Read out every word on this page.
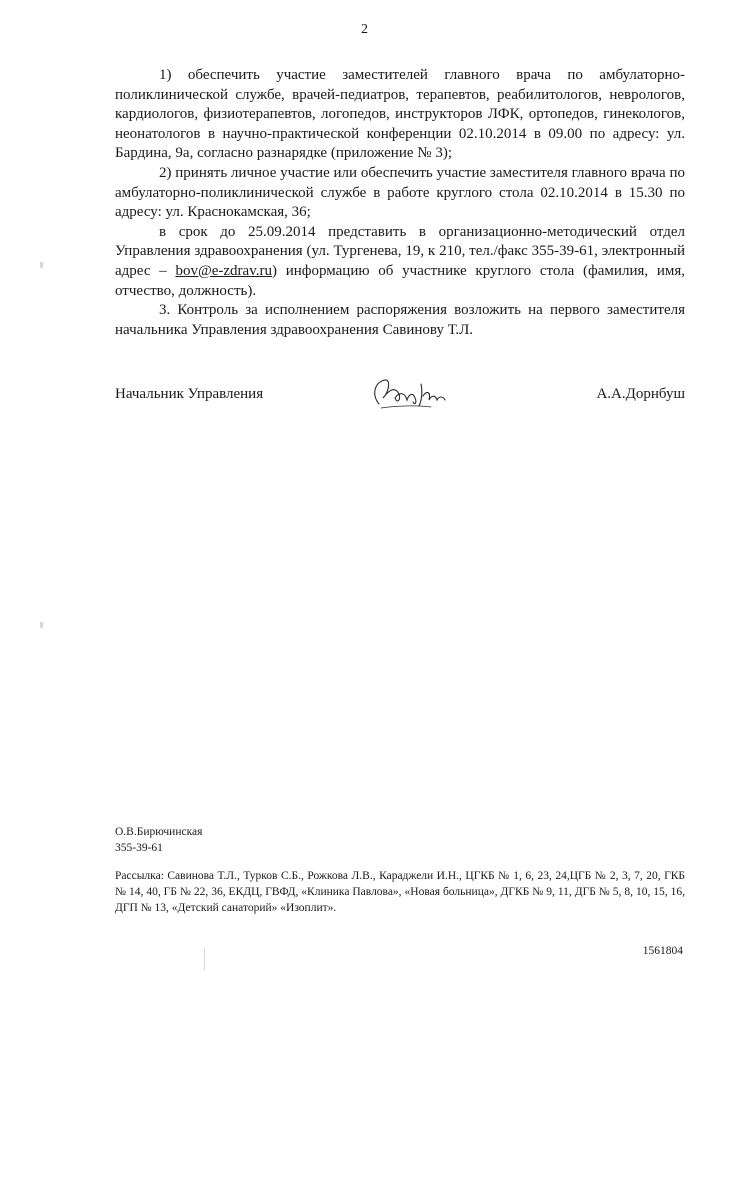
2

1) обеспечить участие заместителей главного врача по амбулаторно-поликлинической службе, врачей-педиатров, терапевтов, реабилитологов, неврологов, кардиологов, физиотерапевтов, логопедов, инструкторов ЛФК, ортопедов, гинекологов, неонатологов в научно-практической конференции 02.10.2014 в 09.00 по адресу: ул. Бардина, 9а, согласно разнарядке (приложение № 3);

2) принять личное участие или обеспечить участие заместителя главного врача по амбулаторно-поликлинической службе в работе круглого стола 02.10.2014 в 15.30 по адресу: ул. Краснокамская, 36;

в срок до 25.09.2014 представить в организационно-методический отдел Управления здравоохранения (ул. Тургенева, 19, к 210, тел./факс 355-39-61, электронный адрес – bov@e-zdrav.ru) информацию об участнике круглого стола (фамилия, имя, отчество, должность).

3. Контроль за исполнением распоряжения возложить на первого заместителя начальника Управления здравоохранения Савинову Т.Л.

Начальник Управления	А.А.Дорнбуш
О.В.Бирючинская
355-39-61
Рассылка: Савинова Т.Л., Турков С.Б., Рожкова Л.В., Караджели И.Н., ЦГКБ № 1, 6, 23, 24,ЦГБ № 2, 3, 7, 20, ГКБ № 14, 40, ГБ № 22, 36, ЕКДЦ, ГВФД, «Клиника Павлова», «Новая больница», ДГКБ № 9, 11, ДГБ № 5, 8, 10, 15, 16, ДГП № 13, «Детский санаторий» «Изоплит».
1561804
